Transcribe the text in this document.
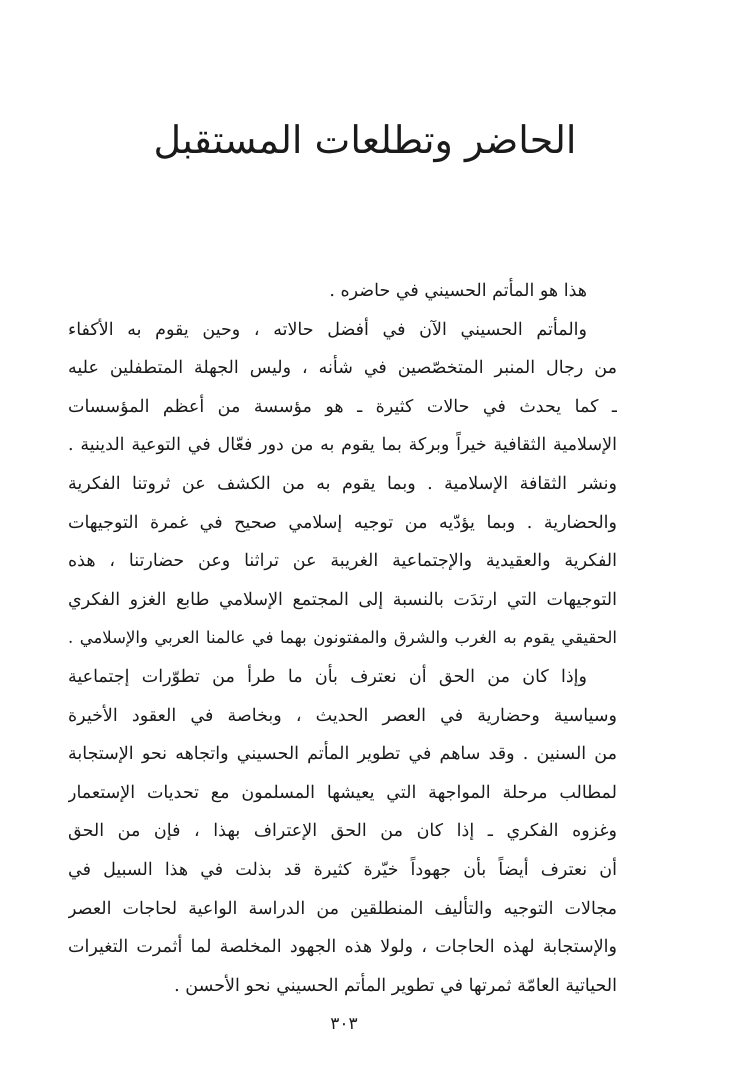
الحاضر وتطلعات المستقبل
هذا هو المأتم الحسيني في حاضره .
والمأتم الحسيني الآن في أفضل حالاته ، وحين يقوم به الأكفاء
من رجال المنبر المتخصّصين في شأنه ، وليس الجهلة المتطفلين عليه
ـ كما يحدث في حالات كثيرة ـ هو مؤسسة من أعظم المؤسسات
الإسلامية الثقافية خيراً وبركة بما يقوم به من دور فعّال في التوعية الدينية .
ونشر الثقافة الإسلامية . وبما يقوم به من الكشف عن ثروتنا الفكرية
والحضارية . وبما يؤدّيه من توجيه إسلامي صحيح في غمرة التوجيهات
الفكرية والعقيدية والإجتماعية الغريبة عن تراثنا وعن حضارتنا ، هذه
التوجيهات التي ارتدَت بالنسبة إلى المجتمع الإسلامي طابع الغزو الفكري
الحقيقي يقوم به الغرب والشرق والمفتونون بهما في عالمنا العربي والإسلامي .
وإذا كان من الحق أن نعترف بأن ما طرأ من تطوّرات إجتماعية
وسياسية وحضارية في العصر الحديث ، وبخاصة في العقود الأخيرة
من السنين . وقد ساهم في تطوير المأتم الحسيني واتجاهه نحو الإستجابة
لمطالب مرحلة المواجهة التي يعيشها المسلمون مع تحديات الإستعمار
وغزوه الفكري ـ إذا كان من الحق الإعتراف بهذا ، فإن من الحق
أن نعترف أيضاً بأن جهوداً خيّرة كثيرة قد بذلت في هذا السبيل في
مجالات التوجيه والتأليف المنطلقين من الدراسة الواعية لحاجات العصر
والإستجابة لهذه الحاجات ، ولولا هذه الجهود المخلصة لما أثمرت التغيرات
الحياتية العامّة ثمرتها في تطوير المأتم الحسيني نحو الأحسن .
٣٠٣
